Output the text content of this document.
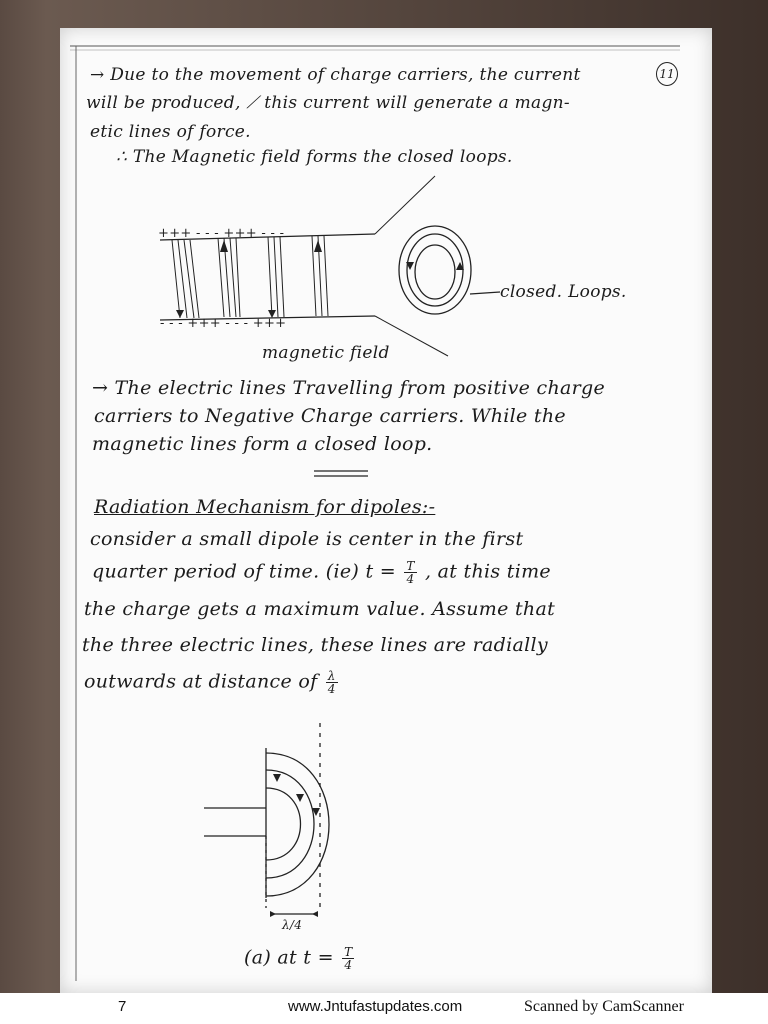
11
→ Due to the movement of charge carriers, the current
will be produced, ⟋ this current will generate a magn-
etic lines of force.
∴ The Magnetic field forms the closed loops.
+++ - - - +++ - - -
- - - +++ - - - +++
closed. Loops.
magnetic field
→ The electric lines Travelling from positive charge
carriers to Negative Charge carriers. While the
magnetic lines form a closed loop.
Radiation Mechanism for dipoles:-
consider a small dipole is center in the first
quarter period of time. (ie) $t = \frac{T}{4}$ , at this time
the charge gets a maximum value. Assume that
the three electric lines, these lines are radially
outwards at distance of $\frac{\lambda}{4}$
λ/4
(a) at $t = \frac{T}{4}$
7	www.Jntufastupdates.com	Scanned by CamScanner
